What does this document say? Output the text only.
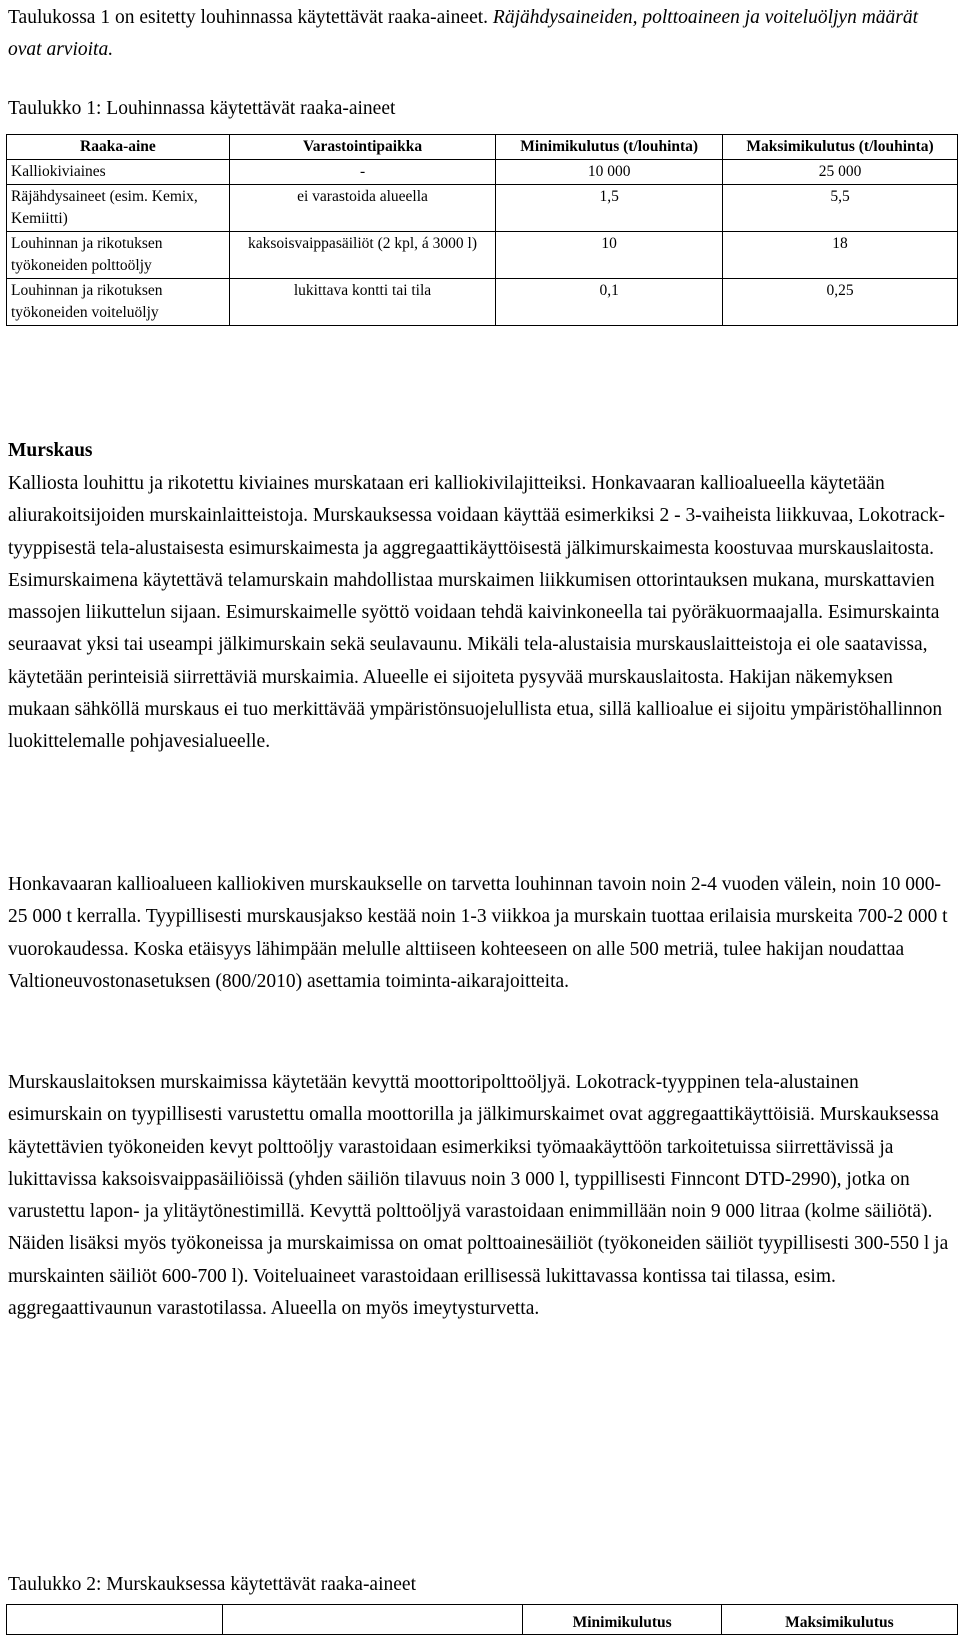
Taulukossa 1 on esitetty louhinnassa käytettävät raaka-aineet. Räjähdysaineiden, polttoaineen ja voiteluöljyn määrät ovat arvioita.

Taulukko 1: Louhinnassa käytettävät raaka-aineet

Raaka-aine	Varastointipaikka	Minimikulutus (t/louhinta)	Maksimikulutus (t/louhinta)
Kalliokiviaines	-	10 000	25 000
Räjähdysaineet (esim. Kemix, Kemiitti)	ei varastoida alueella	1,5	5,5
Louhinnan ja rikotuksen työkoneiden polttoöljy	kaksoisvaippasäiliöt (2 kpl, á 3000 l)	10	18
Louhinnan ja rikotuksen työkoneiden voiteluöljy	lukittava kontti tai tila	0,1	0,25
Murskaus

Kalliosta louhittu ja rikotettu kiviaines murskataan eri kalliokivilajitteiksi. Honkavaaran kallioalueella käytetään aliurakoitsijoiden murskainlaitteistoja. Murskauksessa voidaan käyttää esimerkiksi 2 - 3-vaiheista liikkuvaa, Lokotrack-tyyppisestä tela-alustaisesta esimurskaimesta ja aggregaattikäyttöisestä jälkimurskaimesta koostuvaa murskauslaitosta. Esimurskaimena käytettävä telamurskain mahdollistaa murskaimen liikkumisen ottorintauksen mukana, murskattavien massojen liikuttelun sijaan. Esimurskaimelle syöttö voidaan tehdä kaivinkoneella tai pyöräkuormaajalla. Esimurskainta seuraavat yksi tai useampi jälkimurskain sekä seulavaunu. Mikäli tela-alustaisia murskauslaitteistoja ei ole saatavissa, käytetään perinteisiä siirrettäviä murskaimia. Alueelle ei sijoiteta pysyvää murskauslaitosta. Hakijan näkemyksen mukaan sähköllä murskaus ei tuo merkittävää ympäristönsuojelullista etua, sillä kallioalue ei sijoitu ympäristöhallinnon luokittelemalle pohjavesialueelle.

Honkavaaran kallioalueen kalliokiven murskaukselle on tarvetta louhinnan tavoin noin 2-4 vuoden välein, noin 10 000-25 000 t kerralla. Tyypillisesti murskausjakso kestää noin 1-3 viikkoa ja murskain tuottaa erilaisia murskeita 700-2 000 t vuorokaudessa. Koska etäisyys lähimpään melulle alttiiseen kohteeseen on alle 500 metriä, tulee hakijan noudattaa Valtioneuvostonasetuksen (800/2010) asettamia toiminta-aikarajoitteita.

Murskauslaitoksen murskaimissa käytetään kevyttä moottoripolttoöljyä. Lokotrack-tyyppinen tela-alustainen esimurskain on tyypillisesti varustettu omalla moottorilla ja jälkimurskaimet ovat aggregaattikäyttöisiä. Murskauksessa käytettävien työkoneiden kevyt polttoöljy varastoidaan esimerkiksi työmaakäyttöön tarkoitetuissa siirrettävissä ja lukittavissa kaksoisvaippasäiliöissä (yhden säiliön tilavuus noin 3 000 l, typpillisesti Finncont DTD-2990), jotka on varustettu lapon- ja ylitäytönestimillä. Kevyttä polttoöljyä varastoidaan enimmillään noin 9 000 litraa (kolme säiliötä). Näiden lisäksi myös työkoneissa ja murskaimissa on omat polttoainesäiliöt (työkoneiden säiliöt tyypillisesti 300-550 l ja murskainten säiliöt 600-700 l). Voiteluaineet varastoidaan erillisessä lukittavassa kontissa tai tilassa, esim. aggregaattivaunun varastotilassa. Alueella on myös imeytysturvetta.

Taulukko 2: Murskauksessa käytettävät raaka-aineet

		Minimikulutus	Maksimikulutus
